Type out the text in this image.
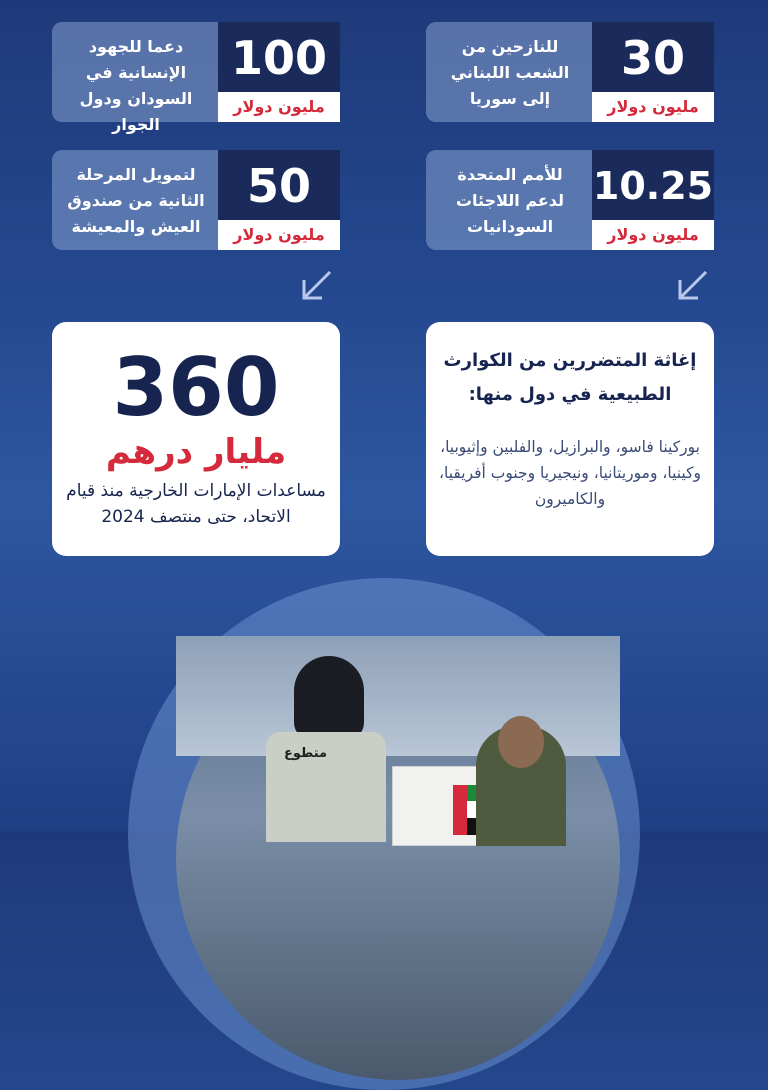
30
مليون دولار
للنازحين من الشعب اللبناني إلى سوريا
100
مليون دولار
دعما للجهود الإنسانية في السودان ودول الجوار
10.25
مليون دولار
للأمم المتحدة لدعم اللاجئات السودانيات
50
مليون دولار
لتمويل المرحلة الثانية من صندوق العيش والمعيشة
360
مليار درهم
مساعدات الإمارات الخارجية منذ قيام الاتحاد، حتى منتصف 2024
إغاثة المتضررين من الكوارث الطبيعية في دول منها:
بوركينا فاسو، والبرازيل، والفلبين وإثيوبيا، وكينيا، وموريتانيا، ونيجيريا وجنوب أفريقيا، والكاميرون
متطوع
